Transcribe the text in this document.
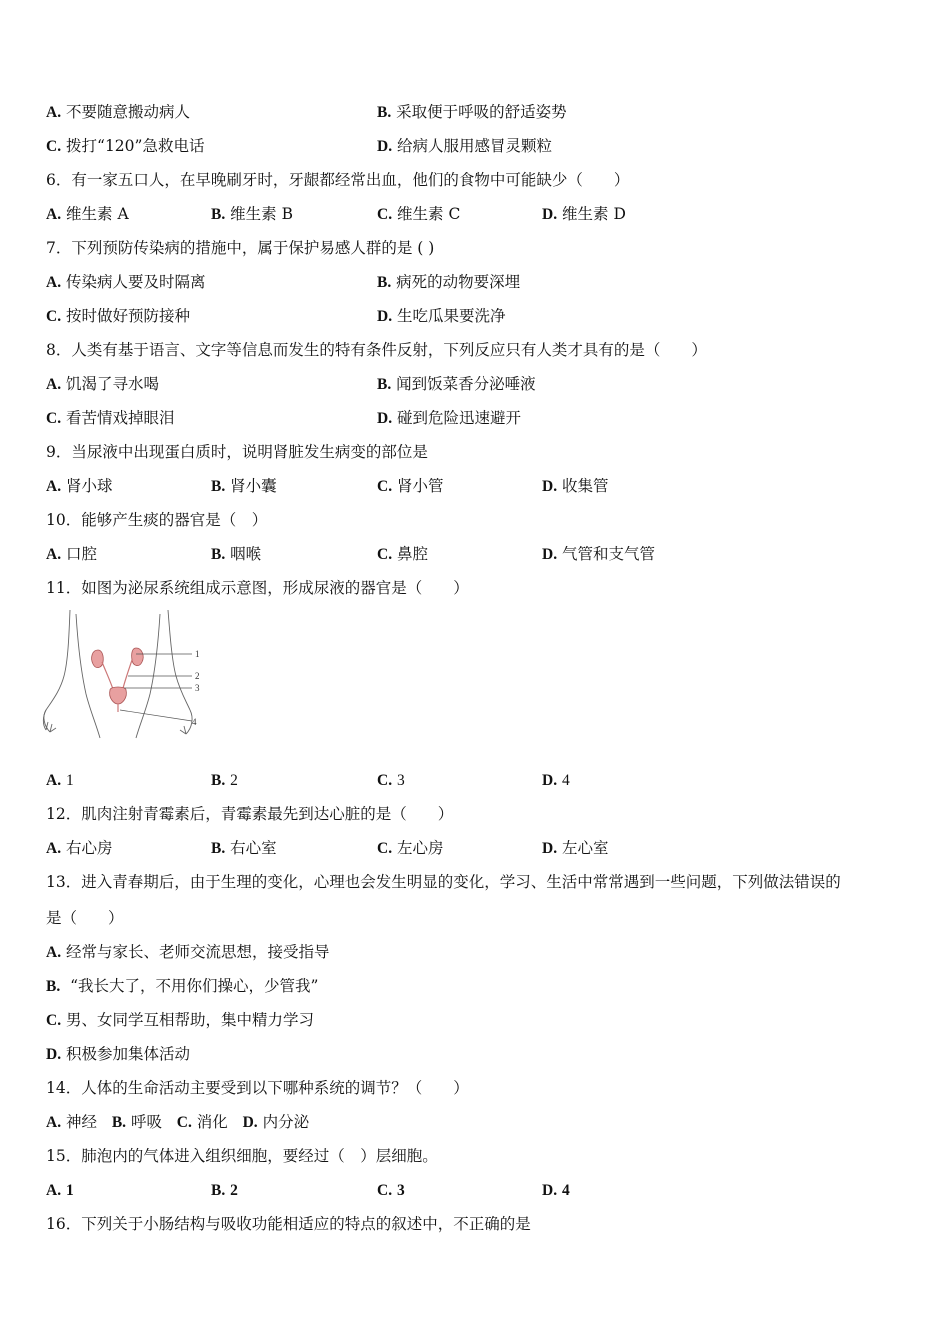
A. 不要随意搬动病人	B. 采取便于呼吸的舒适姿势
C. 拨打“120”急救电话	D. 给病人服用感冒灵颗粒
6．有一家五口人，在早晚刷牙时，牙龈都经常出血，他们的食物中可能缺少（　　）
A. 维生素 A	B. 维生素 B	C. 维生素 C	D. 维生素 D
7．下列预防传染病的措施中，属于保护易感人群的是 ( )
A. 传染病人要及时隔离	B. 病死的动物要深埋
C. 按时做好预防接种	D. 生吃瓜果要洗净
8．人类有基于语言、文字等信息而发生的特有条件反射，下列反应只有人类才具有的是（　　）
A. 饥渴了寻水喝	B. 闻到饭菜香分泌唾液
C. 看苦情戏掉眼泪	D. 碰到危险迅速避开
9．当尿液中出现蛋白质时，说明肾脏发生病变的部位是
A. 肾小球	B. 肾小囊	C. 肾小管	D. 收集管
10．能够产生痰的器官是（　）
A. 口腔	B. 咽喉	C. 鼻腔	D. 气管和支气管
11．如图为泌尿系统组成示意图，形成尿液的器官是（　　）
1
2
3
4
A. 1	B. 2	C. 3	D. 4
12．肌肉注射青霉素后，青霉素最先到达心脏的是（　　）
A. 右心房	B. 右心室	C. 左心房	D. 左心室
13．进入青春期后，由于生理的变化，心理也会发生明显的变化，学习、生活中常常遇到一些问题，下列做法错误的
是（　　）
A. 经常与家长、老师交流思想，接受指导
B. “我长大了，不用你们操心，少管我”
C. 男、女同学互相帮助，集中精力学习
D. 积极参加集体活动
14．人体的生命活动主要受到以下哪种系统的调节？（　　）
A. 神经 B. 呼吸 C. 消化 D. 内分泌
15．肺泡内的气体进入组织细胞，要经过（　）层细胞。
A. 1	B. 2	C. 3	D. 4
16．下列关于小肠结构与吸收功能相适应的特点的叙述中，不正确的是
